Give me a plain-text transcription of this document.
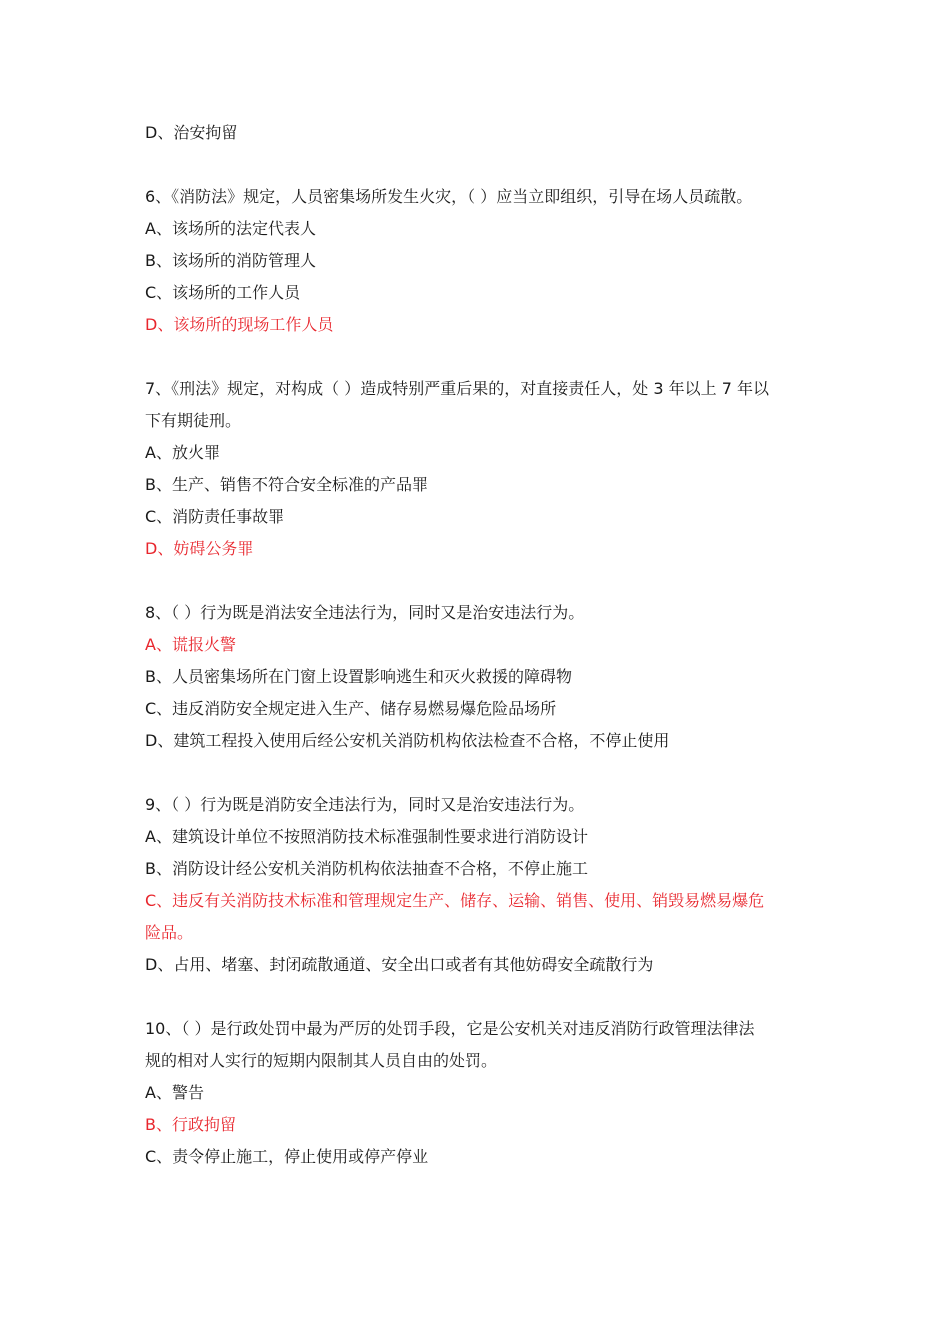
D、治安拘留

6、《消防法》规定，人员密集场所发生火灾，（ ）应当立即组织，引导在场人员疏散。

A、该场所的法定代表人

B、该场所的消防管理人

C、该场所的工作人员

D、该场所的现场工作人员

7、《刑法》规定，对构成（ ）造成特别严重后果的，对直接责任人，处 3 年以上 7 年以下有期徒刑。

A、放火罪

B、生产、销售不符合安全标准的产品罪

C、消防责任事故罪

D、妨碍公务罪

8、（ ）行为既是消法安全违法行为，同时又是治安违法行为。

A、谎报火警

B、人员密集场所在门窗上设置影响逃生和灭火救援的障碍物

C、违反消防安全规定进入生产、储存易燃易爆危险品场所

D、建筑工程投入使用后经公安机关消防机构依法检查不合格，不停止使用

9、（ ）行为既是消防安全违法行为，同时又是治安违法行为。

A、建筑设计单位不按照消防技术标准强制性要求进行消防设计

B、消防设计经公安机关消防机构依法抽查不合格，不停止施工

C、违反有关消防技术标准和管理规定生产、储存、运输、销售、使用、销毁易燃易爆危险品。

D、占用、堵塞、封闭疏散通道、安全出口或者有其他妨碍安全疏散行为

10、（ ）是行政处罚中最为严厉的处罚手段，它是公安机关对违反消防行政管理法律法规的相对人实行的短期内限制其人员自由的处罚。

A、警告

B、行政拘留

C、责令停止施工，停止使用或停产停业
